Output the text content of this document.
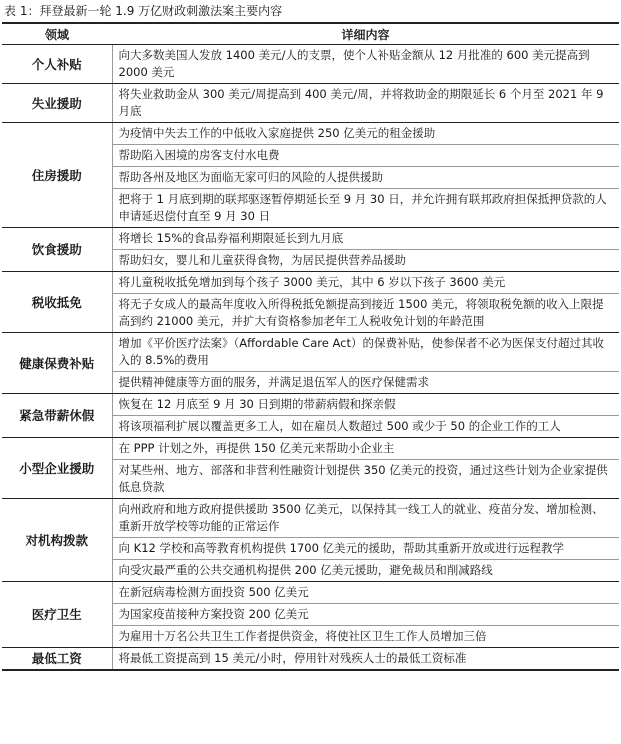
表 1：拜登最新一轮 1.9 万亿财政刺激法案主要内容
领域	详细内容
个人补贴	向大多数美国人发放 1400 美元/人的支票，使个人补贴金额从 12 月批准的 600 美元提高到 2000 美元
失业援助	将失业救助金从 300 美元/周提高到 400 美元/周，并将救助金的期限延长 6 个月至 2021 年 9 月底
住房援助	为疫情中失去工作的中低收入家庭提供 250 亿美元的租金援助
	帮助陷入困境的房客支付水电费
	帮助各州及地区为面临无家可归的风险的人提供援助
	把将于 1 月底到期的联邦驱逐暂停期延长至 9 月 30 日，并允许拥有联邦政府担保抵押贷款的人申请延迟偿付直至 9 月 30 日
饮食援助	将增长 15%的食品券福利期限延长到九月底
	帮助妇女，婴儿和儿童获得食物，为居民提供营养品援助
税收抵免	将儿童税收抵免增加到每个孩子 3000 美元，其中 6 岁以下孩子 3600 美元
	将无子女成人的最高年度收入所得税抵免额提高到接近 1500 美元，将领取税免额的收入上限提高到约 21000 美元，并扩大有资格参加老年工人税收免计划的年龄范围
健康保费补贴	增加《平价医疗法案》（Affordable Care Act）的保费补贴，使参保者不必为医保支付超过其收入的 8.5%的费用
	提供精神健康等方面的服务，并满足退伍军人的医疗保健需求
紧急带薪休假	恢复在 12 月底至 9 月 30 日到期的带薪病假和探亲假
	将该项福利扩展以覆盖更多工人，如在雇员人数超过 500 或少于 50 的企业工作的工人
小型企业援助	在 PPP 计划之外，再提供 150 亿美元来帮助小企业主
	对某些州、地方、部落和非营利性融资计划提供 350 亿美元的投资，通过这些计划为企业家提供低息贷款
对机构拨款	向州政府和地方政府提供援助 3500 亿美元，以保持其一线工人的就业、疫苗分发、增加检测、重新开放学校等功能的正常运作
	向 K12 学校和高等教育机构提供 1700 亿美元的援助，帮助其重新开放或进行远程教学
	向受灾最严重的公共交通机构提供 200 亿美元援助，避免裁员和削减路线
医疗卫生	在新冠病毒检测方面投资 500 亿美元
	为国家疫苗接种方案投资 200 亿美元
	为雇用十万名公共卫生工作者提供资金，将使社区卫生工作人员增加三倍
最低工资	将最低工资提高到 15 美元/小时，停用针对残疾人士的最低工资标准
